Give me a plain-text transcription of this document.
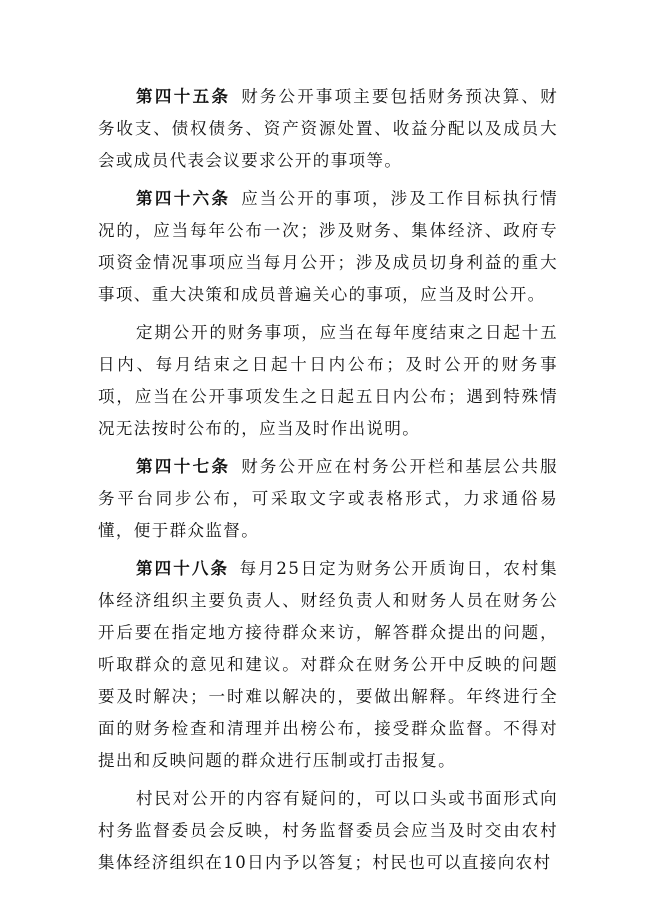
第四十五条 财务公开事项主要包括财务预决算、财务收支、债权债务、资产资源处置、收益分配以及成员大会或成员代表会议要求公开的事项等。

第四十六条 应当公开的事项，涉及工作目标执行情况的，应当每年公布一次；涉及财务、集体经济、政府专项资金情况事项应当每月公开；涉及成员切身利益的重大事项、重大决策和成员普遍关心的事项，应当及时公开。

定期公开的财务事项，应当在每年度结束之日起十五日内、每月结束之日起十日内公布；及时公开的财务事项，应当在公开事项发生之日起五日内公布；遇到特殊情况无法按时公布的，应当及时作出说明。

第四十七条 财务公开应在村务公开栏和基层公共服务平台同步公布，可采取文字或表格形式，力求通俗易懂，便于群众监督。

第四十八条 每月25日定为财务公开质询日，农村集体经济组织主要负责人、财经负责人和财务人员在财务公开后要在指定地方接待群众来访，解答群众提出的问题，听取群众的意见和建议。对群众在财务公开中反映的问题要及时解决；一时难以解决的，要做出解释。年终进行全面的财务检查和清理并出榜公布，接受群众监督。不得对提出和反映问题的群众进行压制或打击报复。

村民对公开的内容有疑问的，可以口头或书面形式向村务监督委员会反映，村务监督委员会应当及时交由农村集体经济组织在10日内予以答复；村民也可以直接向农村
